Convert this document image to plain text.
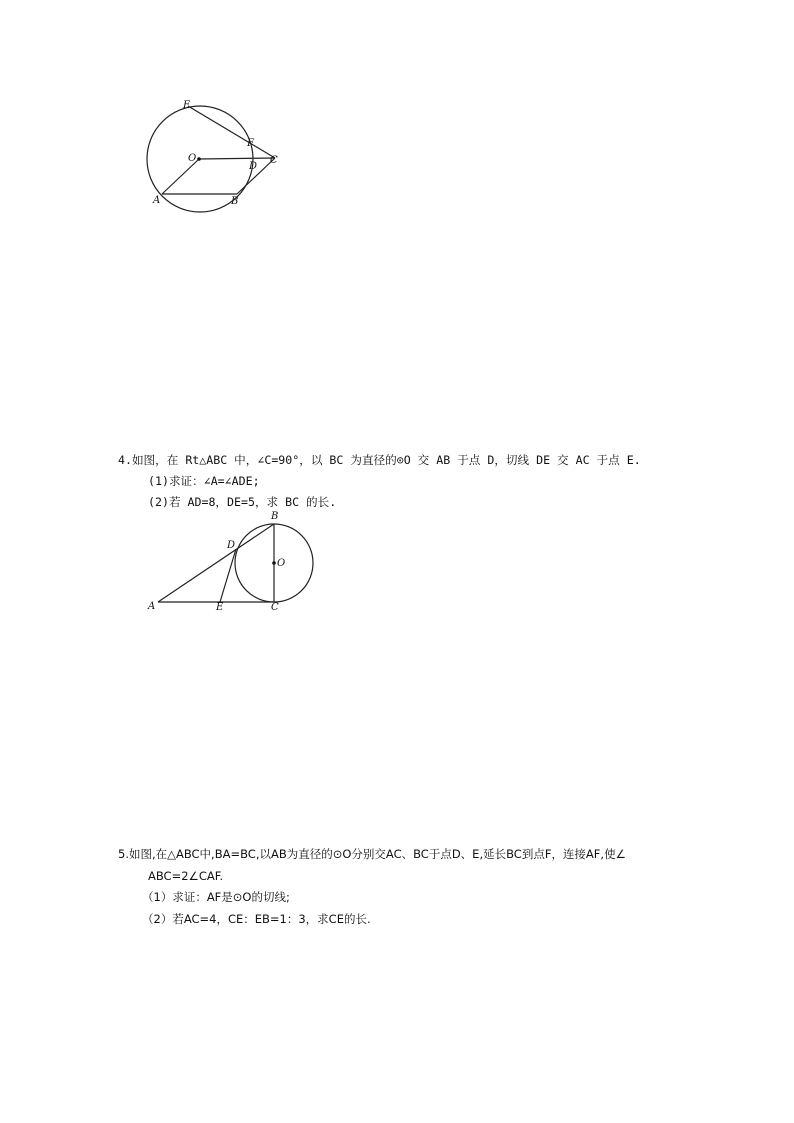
E
F
O
D
C
A	B
4.如图，在 Rt△ABC 中，∠C=90°，以 BC 为直径的⊙O 交 AB 于点 D，切线 DE 交 AC 于点 E.
(1)求证：∠A=∠ADE;
(2)若 AD=8，DE=5，求 BC 的长.
B
D
O
A	E	C
5.如图,在△ABC中,BA=BC,以AB为直径的⊙O分别交AC、BC于点D、E,延长BC到点F，连接AF,使∠
ABC=2∠CAF.
（1）求证：AF是⊙O的切线;
（2）若AC=4，CE：EB=1：3，求CE的长.
